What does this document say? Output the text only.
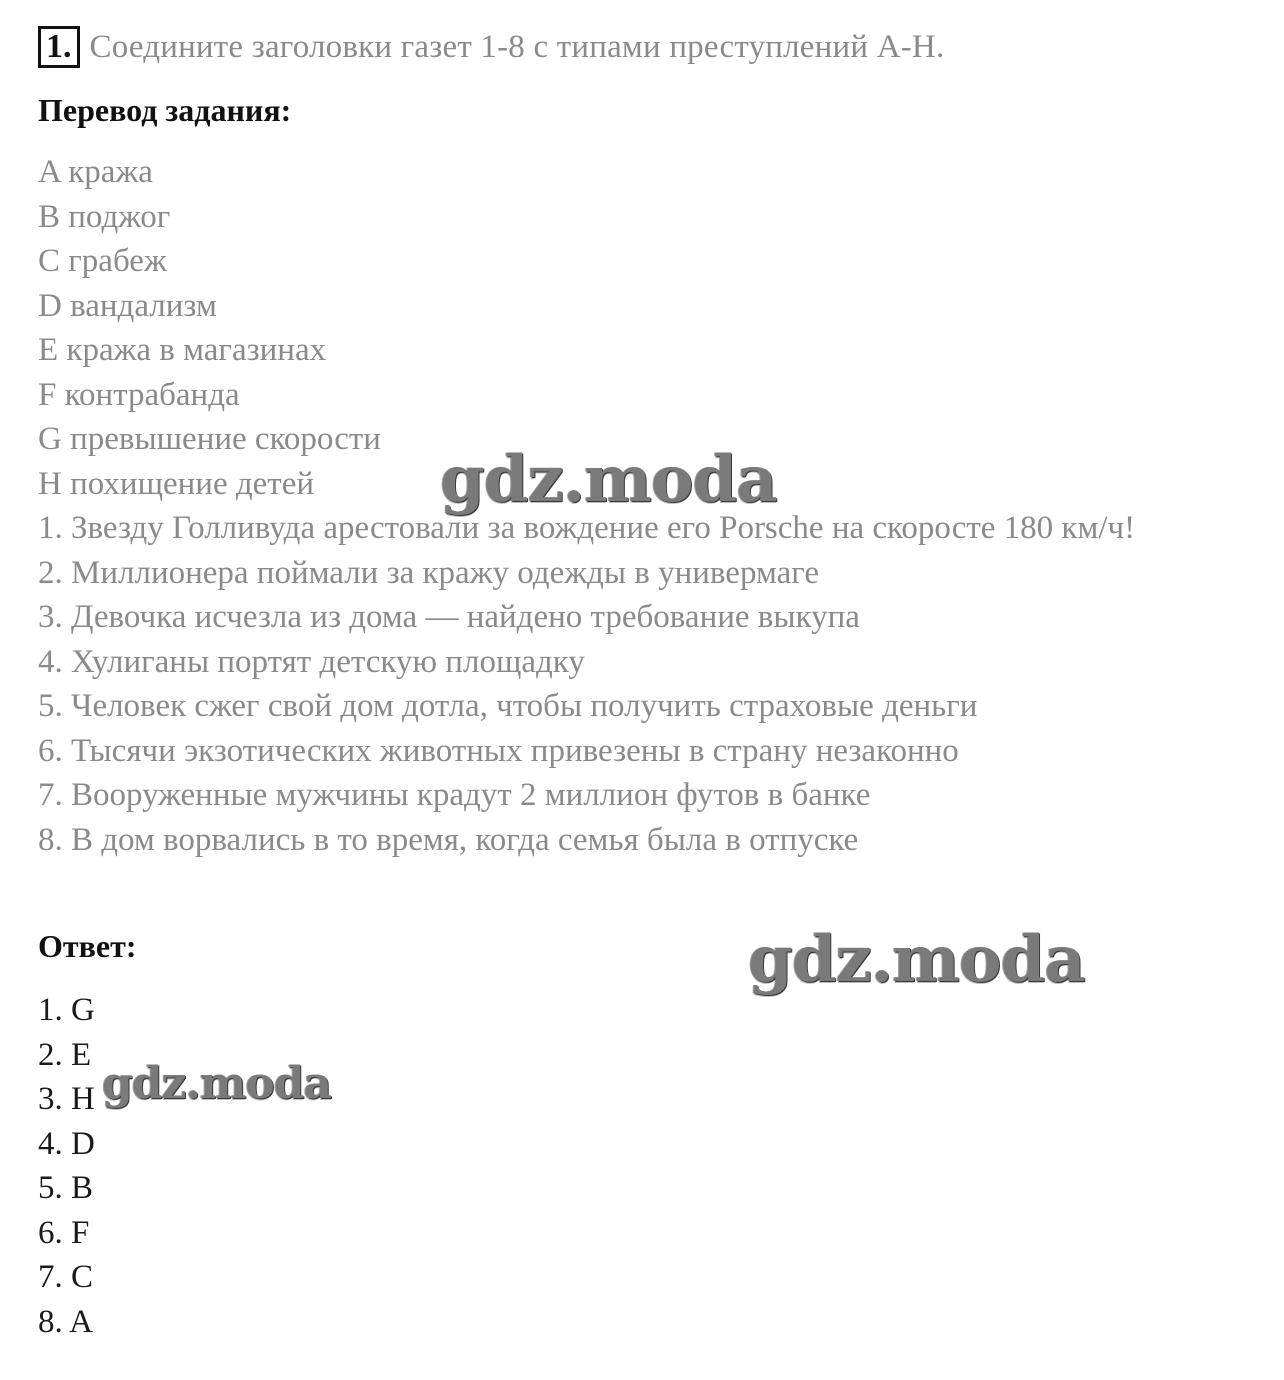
1. Соедините заголовки газет 1-8 с типами преступлений A-H.
Перевод задания:
A кража
B поджог
C грабеж
D вандализм
E кража в магазинах
F контрабанда
G превышение скорости
H похищение детей
1. Звезду Голливуда арестовали за вождение его Porsche на скоросте 180 км/ч!
2. Миллионера поймали за кражу одежды в универмаге
3. Девочка исчезла из дома — найдено требование выкупа
4. Хулиганы портят детскую площадку
5. Человек сжег свой дом дотла, чтобы получить страховые деньги
6. Тысячи экзотических животных привезены в страну незаконно
7. Вооруженные мужчины крадут 2 миллион футов в банке
8. В дом ворвались в то время, когда семья была в отпуске
Ответ:
1. G
2. E
3. H
4. D
5. B
6. F
7. C
8. A
gdz.moda
gdz.moda
gdz.moda
